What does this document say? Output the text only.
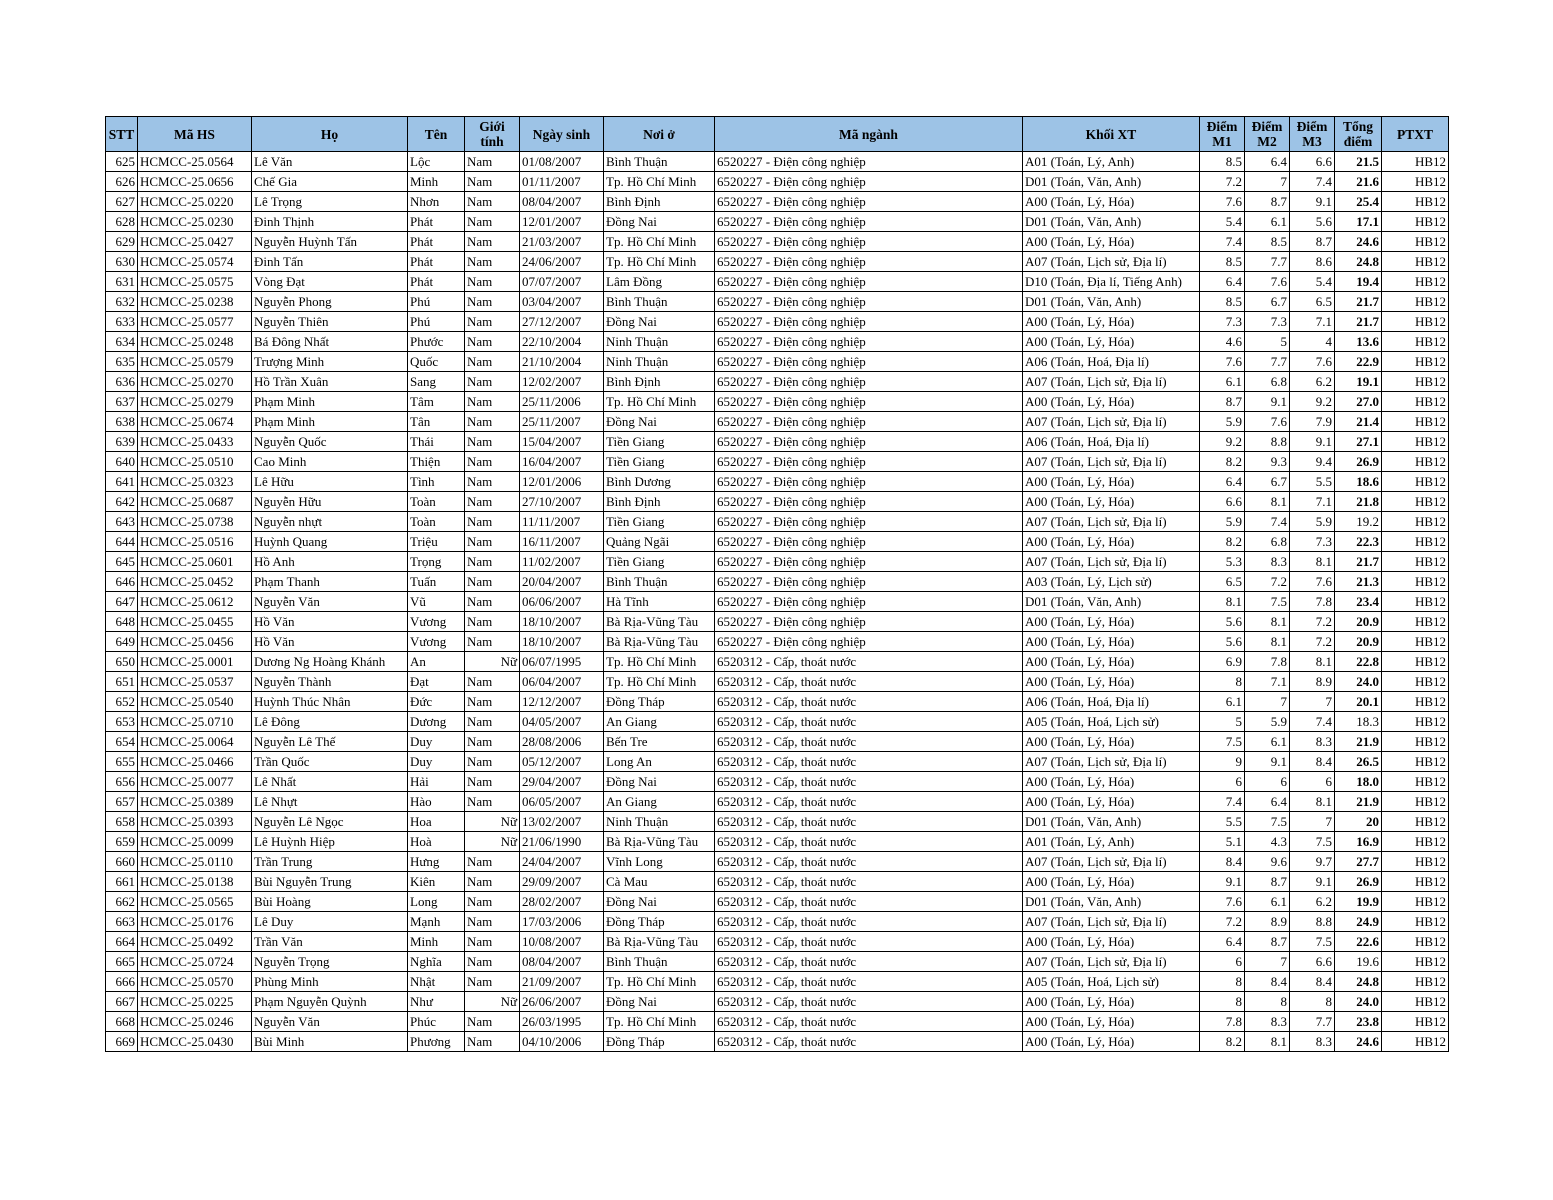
STT	Mã HS	Họ	Tên	Giới tính	Ngày sinh	Nơi ở	Mã ngành	Khối XT	Điểm M1	Điểm M2	Điểm M3	Tổng điểm	PTXT
625	HCMCC-25.0564	Lê Văn	Lộc	Nam	01/08/2007	Bình Thuận	6520227 - Điện công nghiệp	A01 (Toán, Lý, Anh)	8.5	6.4	6.6	21.5	HB12
626	HCMCC-25.0656	Chế Gia	Minh	Nam	01/11/2007	Tp. Hồ Chí Minh	6520227 - Điện công nghiệp	D01 (Toán, Văn, Anh)	7.2	7	7.4	21.6	HB12
627	HCMCC-25.0220	Lê Trọng	Nhơn	Nam	08/04/2007	Bình Định	6520227 - Điện công nghiệp	A00 (Toán, Lý, Hóa)	7.6	8.7	9.1	25.4	HB12
628	HCMCC-25.0230	Đinh Thịnh	Phát	Nam	12/01/2007	Đồng Nai	6520227 - Điện công nghiệp	D01 (Toán, Văn, Anh)	5.4	6.1	5.6	17.1	HB12
629	HCMCC-25.0427	Nguyễn Huỳnh Tấn	Phát	Nam	21/03/2007	Tp. Hồ Chí Minh	6520227 - Điện công nghiệp	A00 (Toán, Lý, Hóa)	7.4	8.5	8.7	24.6	HB12
630	HCMCC-25.0574	Đinh Tấn	Phát	Nam	24/06/2007	Tp. Hồ Chí Minh	6520227 - Điện công nghiệp	A07 (Toán, Lịch sử, Địa lí)	8.5	7.7	8.6	24.8	HB12
631	HCMCC-25.0575	Vòng Đạt	Phát	Nam	07/07/2007	Lâm Đồng	6520227 - Điện công nghiệp	D10 (Toán, Địa lí, Tiếng Anh)	6.4	7.6	5.4	19.4	HB12
632	HCMCC-25.0238	Nguyễn Phong	Phú	Nam	03/04/2007	Bình Thuận	6520227 - Điện công nghiệp	D01 (Toán, Văn, Anh)	8.5	6.7	6.5	21.7	HB12
633	HCMCC-25.0577	Nguyễn Thiên	Phú	Nam	27/12/2007	Đồng Nai	6520227 - Điện công nghiệp	A00 (Toán, Lý, Hóa)	7.3	7.3	7.1	21.7	HB12
634	HCMCC-25.0248	Bá Đông Nhất	Phước	Nam	22/10/2004	Ninh Thuận	6520227 - Điện công nghiệp	A00 (Toán, Lý, Hóa)	4.6	5	4	13.6	HB12
635	HCMCC-25.0579	Trượng Minh	Quốc	Nam	21/10/2004	Ninh Thuận	6520227 - Điện công nghiệp	A06 (Toán, Hoá, Địa lí)	7.6	7.7	7.6	22.9	HB12
636	HCMCC-25.0270	Hồ Trần Xuân	Sang	Nam	12/02/2007	Bình Định	6520227 - Điện công nghiệp	A07 (Toán, Lịch sử, Địa lí)	6.1	6.8	6.2	19.1	HB12
637	HCMCC-25.0279	Phạm Minh	Tâm	Nam	25/11/2006	Tp. Hồ Chí Minh	6520227 - Điện công nghiệp	A00 (Toán, Lý, Hóa)	8.7	9.1	9.2	27.0	HB12
638	HCMCC-25.0674	Phạm Minh	Tân	Nam	25/11/2007	Đồng Nai	6520227 - Điện công nghiệp	A07 (Toán, Lịch sử, Địa lí)	5.9	7.6	7.9	21.4	HB12
639	HCMCC-25.0433	Nguyễn Quốc	Thái	Nam	15/04/2007	Tiền Giang	6520227 - Điện công nghiệp	A06 (Toán, Hoá, Địa lí)	9.2	8.8	9.1	27.1	HB12
640	HCMCC-25.0510	Cao Minh	Thiện	Nam	16/04/2007	Tiền Giang	6520227 - Điện công nghiệp	A07 (Toán, Lịch sử, Địa lí)	8.2	9.3	9.4	26.9	HB12
641	HCMCC-25.0323	Lê Hữu	Tình	Nam	12/01/2006	Bình Dương	6520227 - Điện công nghiệp	A00 (Toán, Lý, Hóa)	6.4	6.7	5.5	18.6	HB12
642	HCMCC-25.0687	Nguyễn Hữu	Toàn	Nam	27/10/2007	Bình Định	6520227 - Điện công nghiệp	A00 (Toán, Lý, Hóa)	6.6	8.1	7.1	21.8	HB12
643	HCMCC-25.0738	Nguyễn nhựt	Toàn	Nam	11/11/2007	Tiền Giang	6520227 - Điện công nghiệp	A07 (Toán, Lịch sử, Địa lí)	5.9	7.4	5.9	19.2	HB12
644	HCMCC-25.0516	Huỳnh Quang	Triệu	Nam	16/11/2007	Quảng Ngãi	6520227 - Điện công nghiệp	A00 (Toán, Lý, Hóa)	8.2	6.8	7.3	22.3	HB12
645	HCMCC-25.0601	Hồ Anh	Trọng	Nam	11/02/2007	Tiền Giang	6520227 - Điện công nghiệp	A07 (Toán, Lịch sử, Địa lí)	5.3	8.3	8.1	21.7	HB12
646	HCMCC-25.0452	Phạm Thanh	Tuấn	Nam	20/04/2007	Bình Thuận	6520227 - Điện công nghiệp	A03 (Toán, Lý, Lịch sử)	6.5	7.2	7.6	21.3	HB12
647	HCMCC-25.0612	Nguyễn Văn	Vũ	Nam	06/06/2007	Hà Tĩnh	6520227 - Điện công nghiệp	D01 (Toán, Văn, Anh)	8.1	7.5	7.8	23.4	HB12
648	HCMCC-25.0455	Hồ Văn	Vương	Nam	18/10/2007	Bà Rịa-Vũng Tàu	6520227 - Điện công nghiệp	A00 (Toán, Lý, Hóa)	5.6	8.1	7.2	20.9	HB12
649	HCMCC-25.0456	Hồ Văn	Vương	Nam	18/10/2007	Bà Rịa-Vũng Tàu	6520227 - Điện công nghiệp	A00 (Toán, Lý, Hóa)	5.6	8.1	7.2	20.9	HB12
650	HCMCC-25.0001	Dương Ng Hoàng Khánh	An	Nữ	06/07/1995	Tp. Hồ Chí Minh	6520312 - Cấp, thoát nước	A00 (Toán, Lý, Hóa)	6.9	7.8	8.1	22.8	HB12
651	HCMCC-25.0537	Nguyễn Thành	Đạt	Nam	06/04/2007	Tp. Hồ Chí Minh	6520312 - Cấp, thoát nước	A00 (Toán, Lý, Hóa)	8	7.1	8.9	24.0	HB12
652	HCMCC-25.0540	Huỳnh Thúc Nhân	Đức	Nam	12/12/2007	Đồng Tháp	6520312 - Cấp, thoát nước	A06 (Toán, Hoá, Địa lí)	6.1	7	7	20.1	HB12
653	HCMCC-25.0710	Lê Đông	Dương	Nam	04/05/2007	An Giang	6520312 - Cấp, thoát nước	A05 (Toán, Hoá, Lịch sử)	5	5.9	7.4	18.3	HB12
654	HCMCC-25.0064	Nguyễn Lê Thế	Duy	Nam	28/08/2006	Bến Tre	6520312 - Cấp, thoát nước	A00 (Toán, Lý, Hóa)	7.5	6.1	8.3	21.9	HB12
655	HCMCC-25.0466	Trần Quốc	Duy	Nam	05/12/2007	Long An	6520312 - Cấp, thoát nước	A07 (Toán, Lịch sử, Địa lí)	9	9.1	8.4	26.5	HB12
656	HCMCC-25.0077	Lê Nhất	Hải	Nam	29/04/2007	Đồng Nai	6520312 - Cấp, thoát nước	A00 (Toán, Lý, Hóa)	6	6	6	18.0	HB12
657	HCMCC-25.0389	Lê Nhựt	Hào	Nam	06/05/2007	An Giang	6520312 - Cấp, thoát nước	A00 (Toán, Lý, Hóa)	7.4	6.4	8.1	21.9	HB12
658	HCMCC-25.0393	Nguyễn Lê Ngọc	Hoa	Nữ	13/02/2007	Ninh Thuận	6520312 - Cấp, thoát nước	D01 (Toán, Văn, Anh)	5.5	7.5	7	20	HB12
659	HCMCC-25.0099	Lê Huỳnh Hiệp	Hoà	Nữ	21/06/1990	Bà Rịa-Vũng Tàu	6520312 - Cấp, thoát nước	A01 (Toán, Lý, Anh)	5.1	4.3	7.5	16.9	HB12
660	HCMCC-25.0110	Trần Trung	Hưng	Nam	24/04/2007	Vĩnh Long	6520312 - Cấp, thoát nước	A07 (Toán, Lịch sử, Địa lí)	8.4	9.6	9.7	27.7	HB12
661	HCMCC-25.0138	Bùi Nguyễn Trung	Kiên	Nam	29/09/2007	Cà Mau	6520312 - Cấp, thoát nước	A00 (Toán, Lý, Hóa)	9.1	8.7	9.1	26.9	HB12
662	HCMCC-25.0565	Bùi Hoàng	Long	Nam	28/02/2007	Đồng Nai	6520312 - Cấp, thoát nước	D01 (Toán, Văn, Anh)	7.6	6.1	6.2	19.9	HB12
663	HCMCC-25.0176	Lê Duy	Mạnh	Nam	17/03/2006	Đồng Tháp	6520312 - Cấp, thoát nước	A07 (Toán, Lịch sử, Địa lí)	7.2	8.9	8.8	24.9	HB12
664	HCMCC-25.0492	Trần Văn	Minh	Nam	10/08/2007	Bà Rịa-Vũng Tàu	6520312 - Cấp, thoát nước	A00 (Toán, Lý, Hóa)	6.4	8.7	7.5	22.6	HB12
665	HCMCC-25.0724	Nguyễn Trọng	Nghĩa	Nam	08/04/2007	Bình Thuận	6520312 - Cấp, thoát nước	A07 (Toán, Lịch sử, Địa lí)	6	7	6.6	19.6	HB12
666	HCMCC-25.0570	Phùng Minh	Nhật	Nam	21/09/2007	Tp. Hồ Chí Minh	6520312 - Cấp, thoát nước	A05 (Toán, Hoá, Lịch sử)	8	8.4	8.4	24.8	HB12
667	HCMCC-25.0225	Phạm Nguyễn Quỳnh	Như	Nữ	26/06/2007	Đồng Nai	6520312 - Cấp, thoát nước	A00 (Toán, Lý, Hóa)	8	8	8	24.0	HB12
668	HCMCC-25.0246	Nguyễn Văn	Phúc	Nam	26/03/1995	Tp. Hồ Chí Minh	6520312 - Cấp, thoát nước	A00 (Toán, Lý, Hóa)	7.8	8.3	7.7	23.8	HB12
669	HCMCC-25.0430	Bùi Minh	Phương	Nam	04/10/2006	Đồng Tháp	6520312 - Cấp, thoát nước	A00 (Toán, Lý, Hóa)	8.2	8.1	8.3	24.6	HB12
